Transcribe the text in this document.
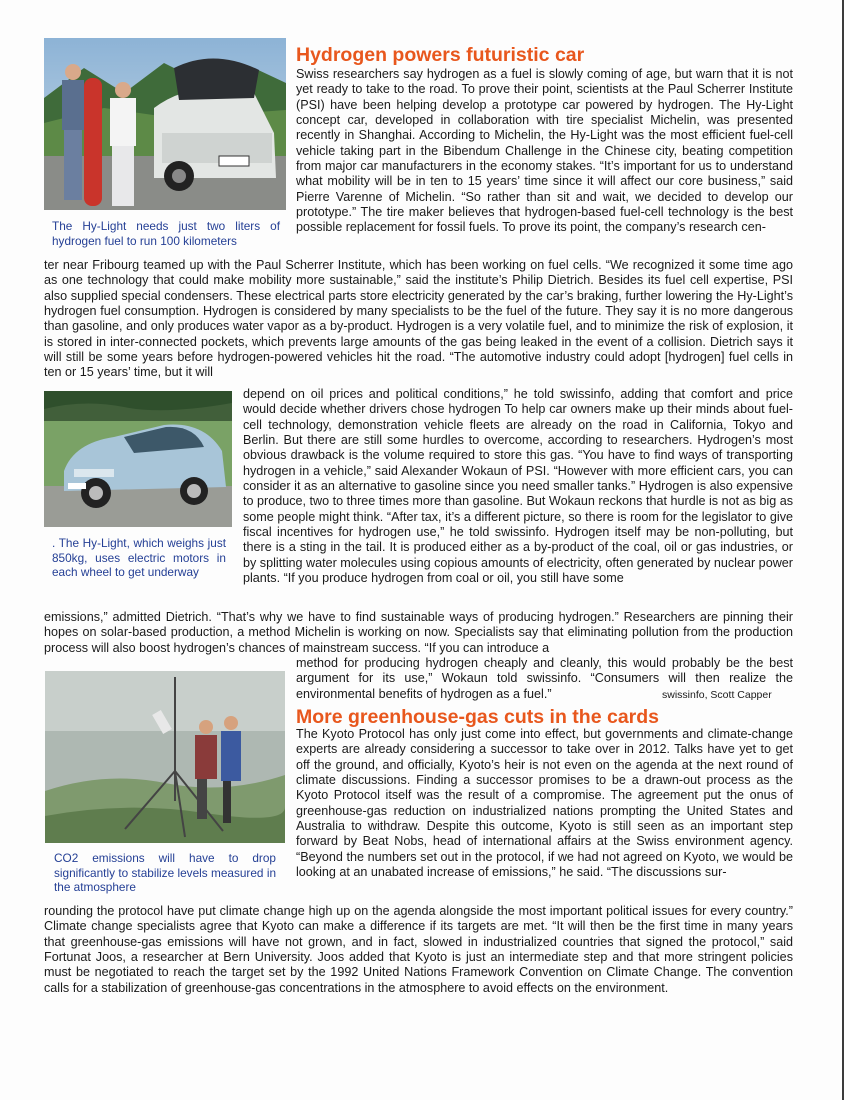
The Hy-Light needs just two liters of hydrogen fuel to run 100 kilometers
Hydrogen powers futuristic car
Swiss researchers say hydrogen as a fuel is slowly coming of age, but warn that it is not yet ready to take to the road. To prove their point, scientists at the Paul Scherrer Institute (PSI) have been helping develop a prototype car powered by hydrogen. The Hy-Light concept car, developed in collaboration with tire specialist Michelin, was presented recently in Shanghai. According to Michelin, the Hy-Light was the most efficient fuel-cell vehicle taking part in the Bibendum Challenge in the Chinese city, beating competition from major car manufacturers in the economy stakes. “It’s important for us to understand what mobility will be in ten to 15 years’ time since it will affect our core business,” said Pierre Varenne of Michelin. “So rather than sit and wait, we decided to develop our prototype.” The tire maker believes that hydrogen-based fuel-cell technology is the best possible replacement for fossil fuels. To prove its point, the company’s research cen-
ter near Fribourg teamed up with the Paul Scherrer Institute, which has been working on fuel cells. “We recognized it some time ago as one technology that could make mobility more sustainable,” said the institute’s Philip Dietrich. Besides its fuel cell expertise, PSI also supplied special condensers. These electrical parts store electricity generated by the car’s braking, further lowering the Hy-Light’s hydrogen fuel consumption. Hydrogen is considered by many specialists to be the fuel of the future. They say it is no more dangerous than gasoline, and only produces water vapor as a by-product. Hydrogen is a very volatile fuel, and to minimize the risk of explosion, it is stored in inter-connected pockets, which prevents large amounts of the gas being leaked in the event of a collision. Dietrich says it will still be some years before hydrogen-powered vehicles hit the road. “The automotive industry could adopt [hydrogen] fuel cells in ten or 15 years’ time, but it will
. The Hy-Light, which weighs just 850kg, uses electric motors in each wheel to get underway
depend on oil prices and political conditions,” he told swissinfo, adding that comfort and price would decide whether drivers chose hydrogen To help car owners make up their minds about fuel-cell technology, demonstration vehicle fleets are already on the road in California, Tokyo and Berlin. But there are still some hurdles to overcome, according to researchers. Hydrogen’s most obvious drawback is the volume required to store this gas. “You have to find ways of transporting hydrogen in a vehicle,” said Alexander Wokaun of PSI. “However with more efficient cars, you can consider it as an alternative to gasoline since you need smaller tanks.” Hydrogen is also expensive to produce, two to three times more than gasoline. But Wokaun reckons that hurdle is not as big as some people might think. “After tax, it’s a different picture, so there is room for the legislator to give fiscal incentives for hydrogen use,” he told swissinfo. Hydrogen itself may be non-polluting, but there is a sting in the tail. It is produced either as a by-product of the coal, oil or gas industries, or by splitting water molecules using copious amounts of electricity, often generated by nuclear power plants. “If you produce hydrogen from coal or oil, you still have some
emissions,” admitted Dietrich. “That’s why we have to find sustainable ways of producing hydrogen.” Researchers are pinning their hopes on solar-based production, a method Michelin is working on now. Specialists say that eliminating pollution from the production process will also boost hydrogen’s chances of mainstream success. “If you can introduce a
CO2 emissions will have to drop significantly to stabilize levels measured in the atmosphere
method for producing hydrogen cheaply and cleanly, this would probably be the best argument for its use,” Wokaun told swissinfo. “Consumers will then realize the environmental benefits of hydrogen as a fuel.”	swissinfo, Scott Capper
More greenhouse-gas cuts in the cards
The Kyoto Protocol has only just come into effect, but governments and climate-change experts are already considering a successor to take over in 2012. Talks have yet to get off the ground, and officially, Kyoto’s heir is not even on the agenda at the next round of climate discussions. Finding a successor promises to be a drawn-out process as the Kyoto Protocol itself was the result of a compromise. The agreement put the onus of greenhouse-gas reduction on industrialized nations prompting the United States and Australia to withdraw. Despite this outcome, Kyoto is still seen as an important step forward by Beat Nobs, head of international affairs at the Swiss environment agency. “Beyond the numbers set out in the protocol, if we had not agreed on Kyoto, we would be looking at an unabated increase of emissions,” he said. “The discussions sur-
rounding the protocol have put climate change high up on the agenda alongside the most important political issues for every country.” Climate change specialists agree that Kyoto can make a difference if its targets are met. “It will then be the first time in many years that greenhouse-gas emissions will have not grown, and in fact, slowed in industrialized countries that signed the protocol,” said Fortunat Joos, a researcher at Bern University. Joos added that Kyoto is just an intermediate step and that more stringent policies must be negotiated to reach the target set by the 1992 United Nations Framework Convention on Climate Change. The convention calls for a stabilization of greenhouse-gas concentrations in the atmosphere to avoid effects on the environment.
